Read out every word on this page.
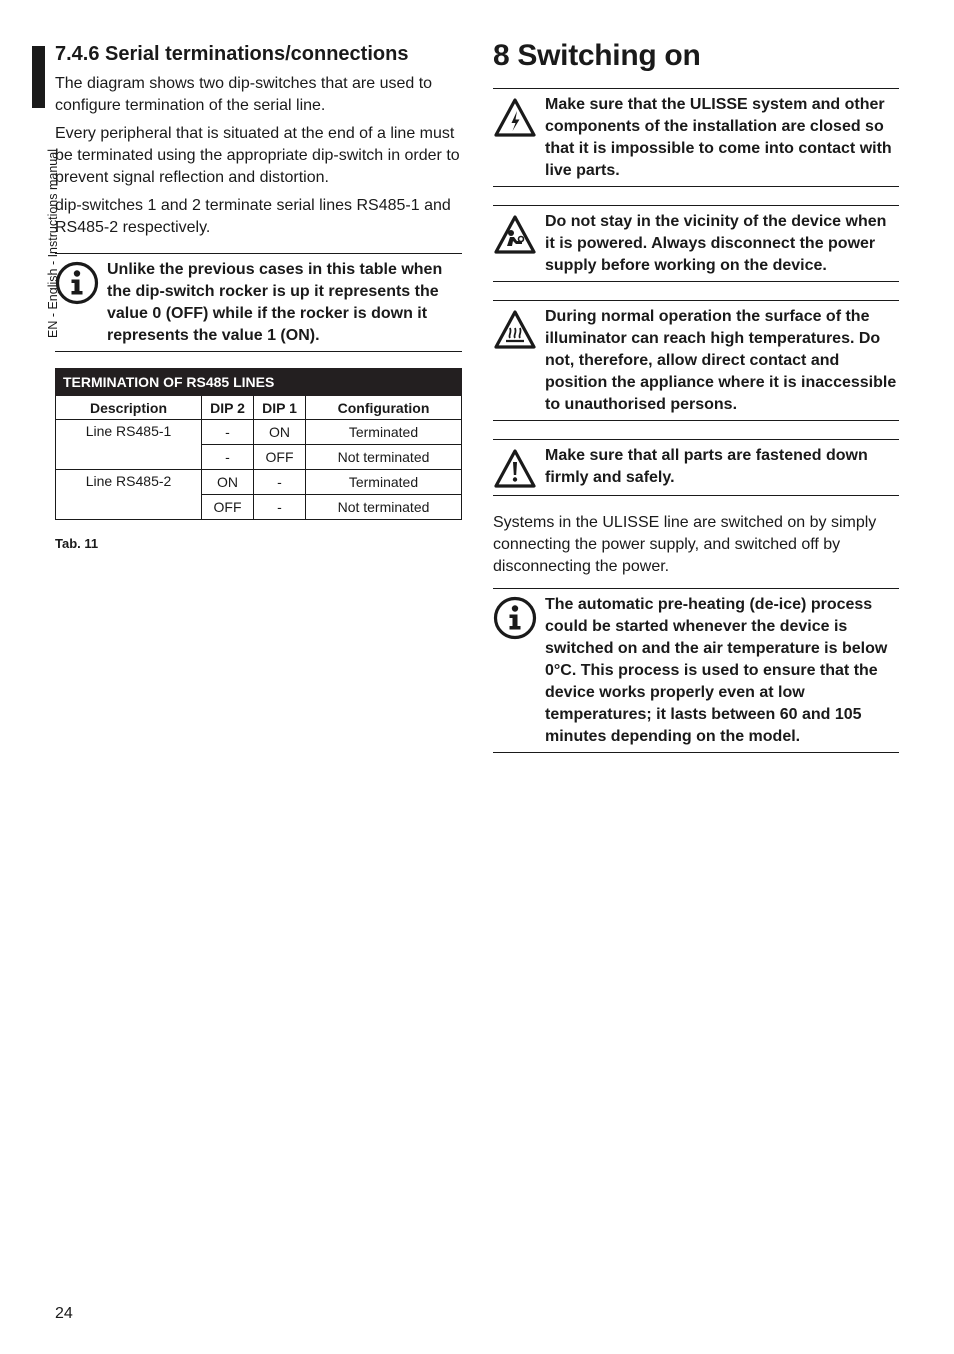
EN - English - Instructions manual
7.4.6 Serial terminations/connections

The diagram shows two dip-switches that are used to configure termination of the serial line.

Every peripheral that is situated at the end of a line must be terminated using the appropriate dip-switch in order to prevent signal reflection and distortion.

dip-switches 1 and 2 terminate serial lines RS485-1 and RS485-2 respectively.

Unlike the previous cases in this table when the dip-switch rocker is up it represents the value 0 (OFF) while if the rocker is down it represents the value 1 (ON).
TERMINATION OF RS485 LINES			
Description	DIP 2	DIP 1	Configuration
Line RS485-1	-	ON	Terminated
	-	OFF	Not terminated
Line RS485-2	ON	-	Terminated
	OFF	-	Not terminated
Tab. 11
8 Switching on
Make sure that the ULISSE system and other components of the installation are closed so that it is impossible to come into contact with live parts.
Do not stay in the vicinity of the device when it is powered. Always disconnect the power supply before working on the device.
During normal operation the surface of the illuminator can reach high temperatures. Do not, therefore, allow direct contact and position the appliance where it is inaccessible to unauthorised persons.
Make sure that all parts are fastened down firmly and safely.

Systems in the ULISSE line are switched on by simply connecting the power supply, and switched off by disconnecting the power.

The automatic pre-heating (de-ice) process could be started whenever the device is switched on and the air temperature is below 0°C. This process is used to ensure that the device works properly even at low temperatures; it lasts between 60 and 105 minutes depending on the model.
24
